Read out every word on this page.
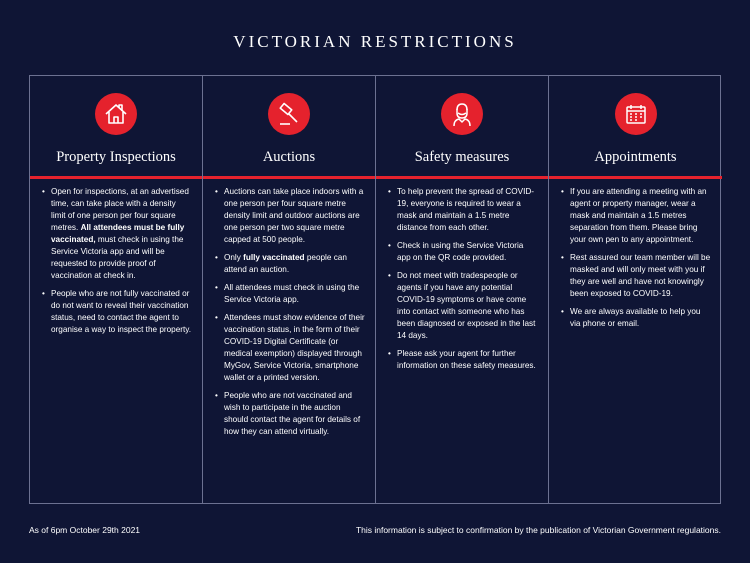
VICTORIAN RESTRICTIONS
Property Inspections
• Open for inspections, at an advertised time, can take place with a density limit of one person per four square metres. All attendees must be fully vaccinated, must check in using the Service Victoria app and will be requested to provide proof of vaccination at check in.
• People who are not fully vaccinated or do not want to reveal their vaccination status, need to contact the agent to organise a way to inspect the property.
Auctions
• Auctions can take place indoors with a one person per four square metre density limit and outdoor auctions are one person per two square metre capped at 500 people.
• Only fully vaccinated people can attend an auction.
• All attendees must check in using the Service Victoria app.
• Attendees must show evidence of their vaccination status, in the form of their COVID-19 Digital Certificate (or medical exemption) displayed through MyGov, Service Victoria, smartphone wallet or a printed version.
• People who are not vaccinated and wish to participate in the auction should contact the agent for details of how they can attend virtually.
Safety measures
• To help prevent the spread of COVID-19, everyone is required to wear a mask and maintain a 1.5 metre distance from each other.
• Check in using the Service Victoria app on the QR code provided.
• Do not meet with tradespeople or agents if you have any potential COVID-19 symptoms or have come into contact with someone who has been diagnosed or exposed in the last 14 days.
• Please ask your agent for further information on these safety measures.
Appointments
• If you are attending a meeting with an agent or property manager, wear a mask and maintain a 1.5 metres separation from them. Please bring your own pen to any appointment.
• Rest assured our team member will be masked and will only meet with you if they are well and have not knowingly been exposed to COVID-19.
• We are always available to help you via phone or email.
As of 6pm October 29th 2021	This information is subject to confirmation by the publication of Victorian Government regulations.
